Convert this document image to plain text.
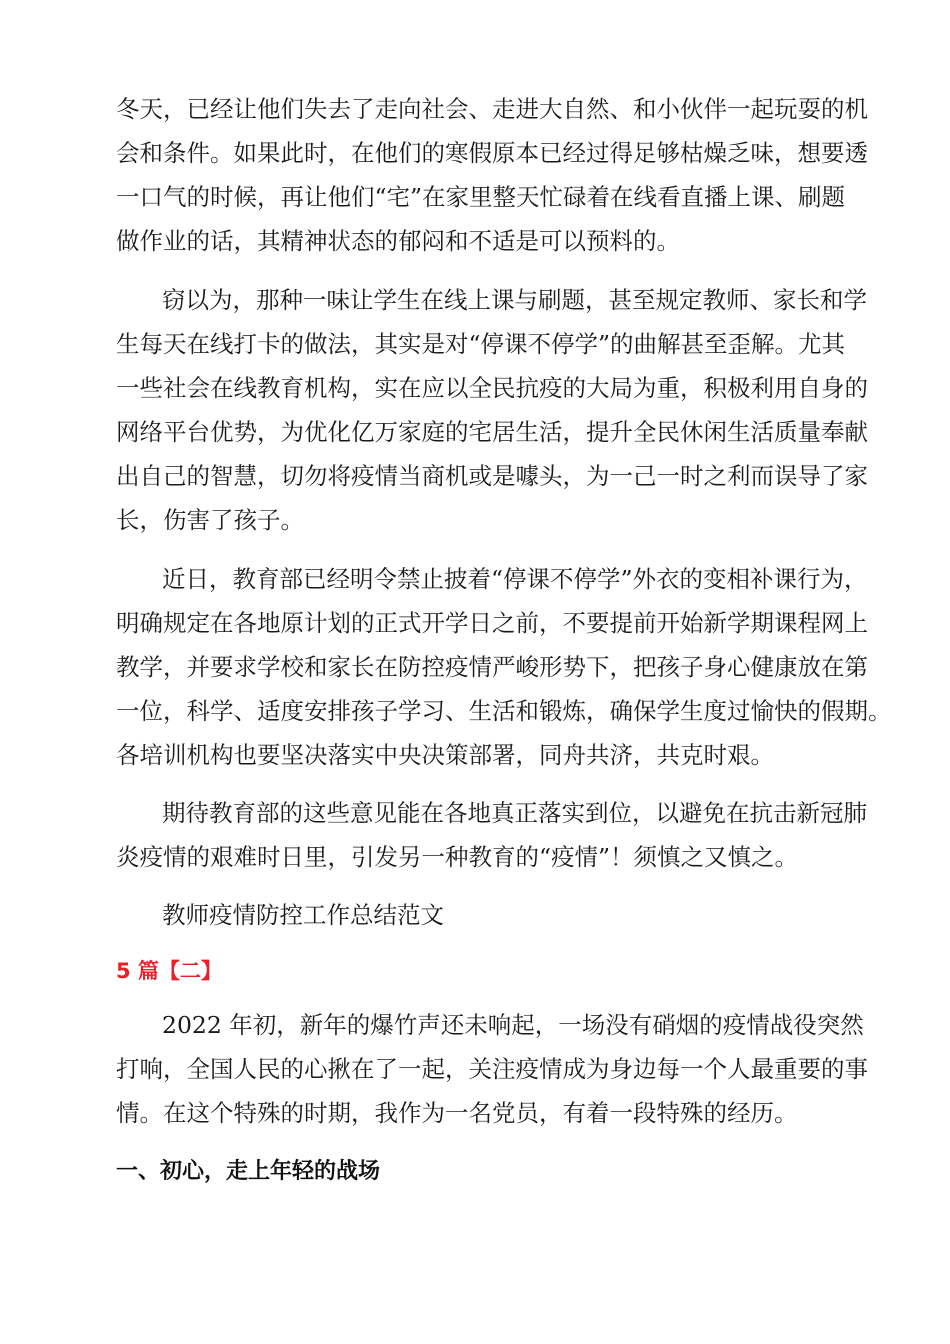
冬天，已经让他们失去了走向社会、走进大自然、和小伙伴一起玩耍的机
会和条件。如果此时，在他们的寒假原本已经过得足够枯燥乏味，想要透
一口气的时候，再让他们“宅”在家里整天忙碌着在线看直播上课、刷题
做作业的话，其精神状态的郁闷和不适是可以预料的。
窃以为，那种一味让学生在线上课与刷题，甚至规定教师、家长和学
生每天在线打卡的做法，其实是对“停课不停学”的曲解甚至歪解。尤其
一些社会在线教育机构，实在应以全民抗疫的大局为重，积极利用自身的
网络平台优势，为优化亿万家庭的宅居生活，提升全民休闲生活质量奉献
出自己的智慧，切勿将疫情当商机或是噱头，为一己一时之利而误导了家
长，伤害了孩子。
近日，教育部已经明令禁止披着“停课不停学”外衣的变相补课行为，
明确规定在各地原计划的正式开学日之前，不要提前开始新学期课程网上
教学，并要求学校和家长在防控疫情严峻形势下，把孩子身心健康放在第
一位，科学、适度安排孩子学习、生活和锻炼，确保学生度过愉快的假期。
各培训机构也要坚决落实中央决策部署，同舟共济，共克时艰。
期待教育部的这些意见能在各地真正落实到位，以避免在抗击新冠肺
炎疫情的艰难时日里，引发另一种教育的“疫情”！须慎之又慎之。
教师疫情防控工作总结范文
5 篇【二】
2022 年初，新年的爆竹声还未响起，一场没有硝烟的疫情战役突然
打响，全国人民的心揪在了一起，关注疫情成为身边每一个人最重要的事
情。在这个特殊的时期，我作为一名党员，有着一段特殊的经历。
一、初心，走上年轻的战场
